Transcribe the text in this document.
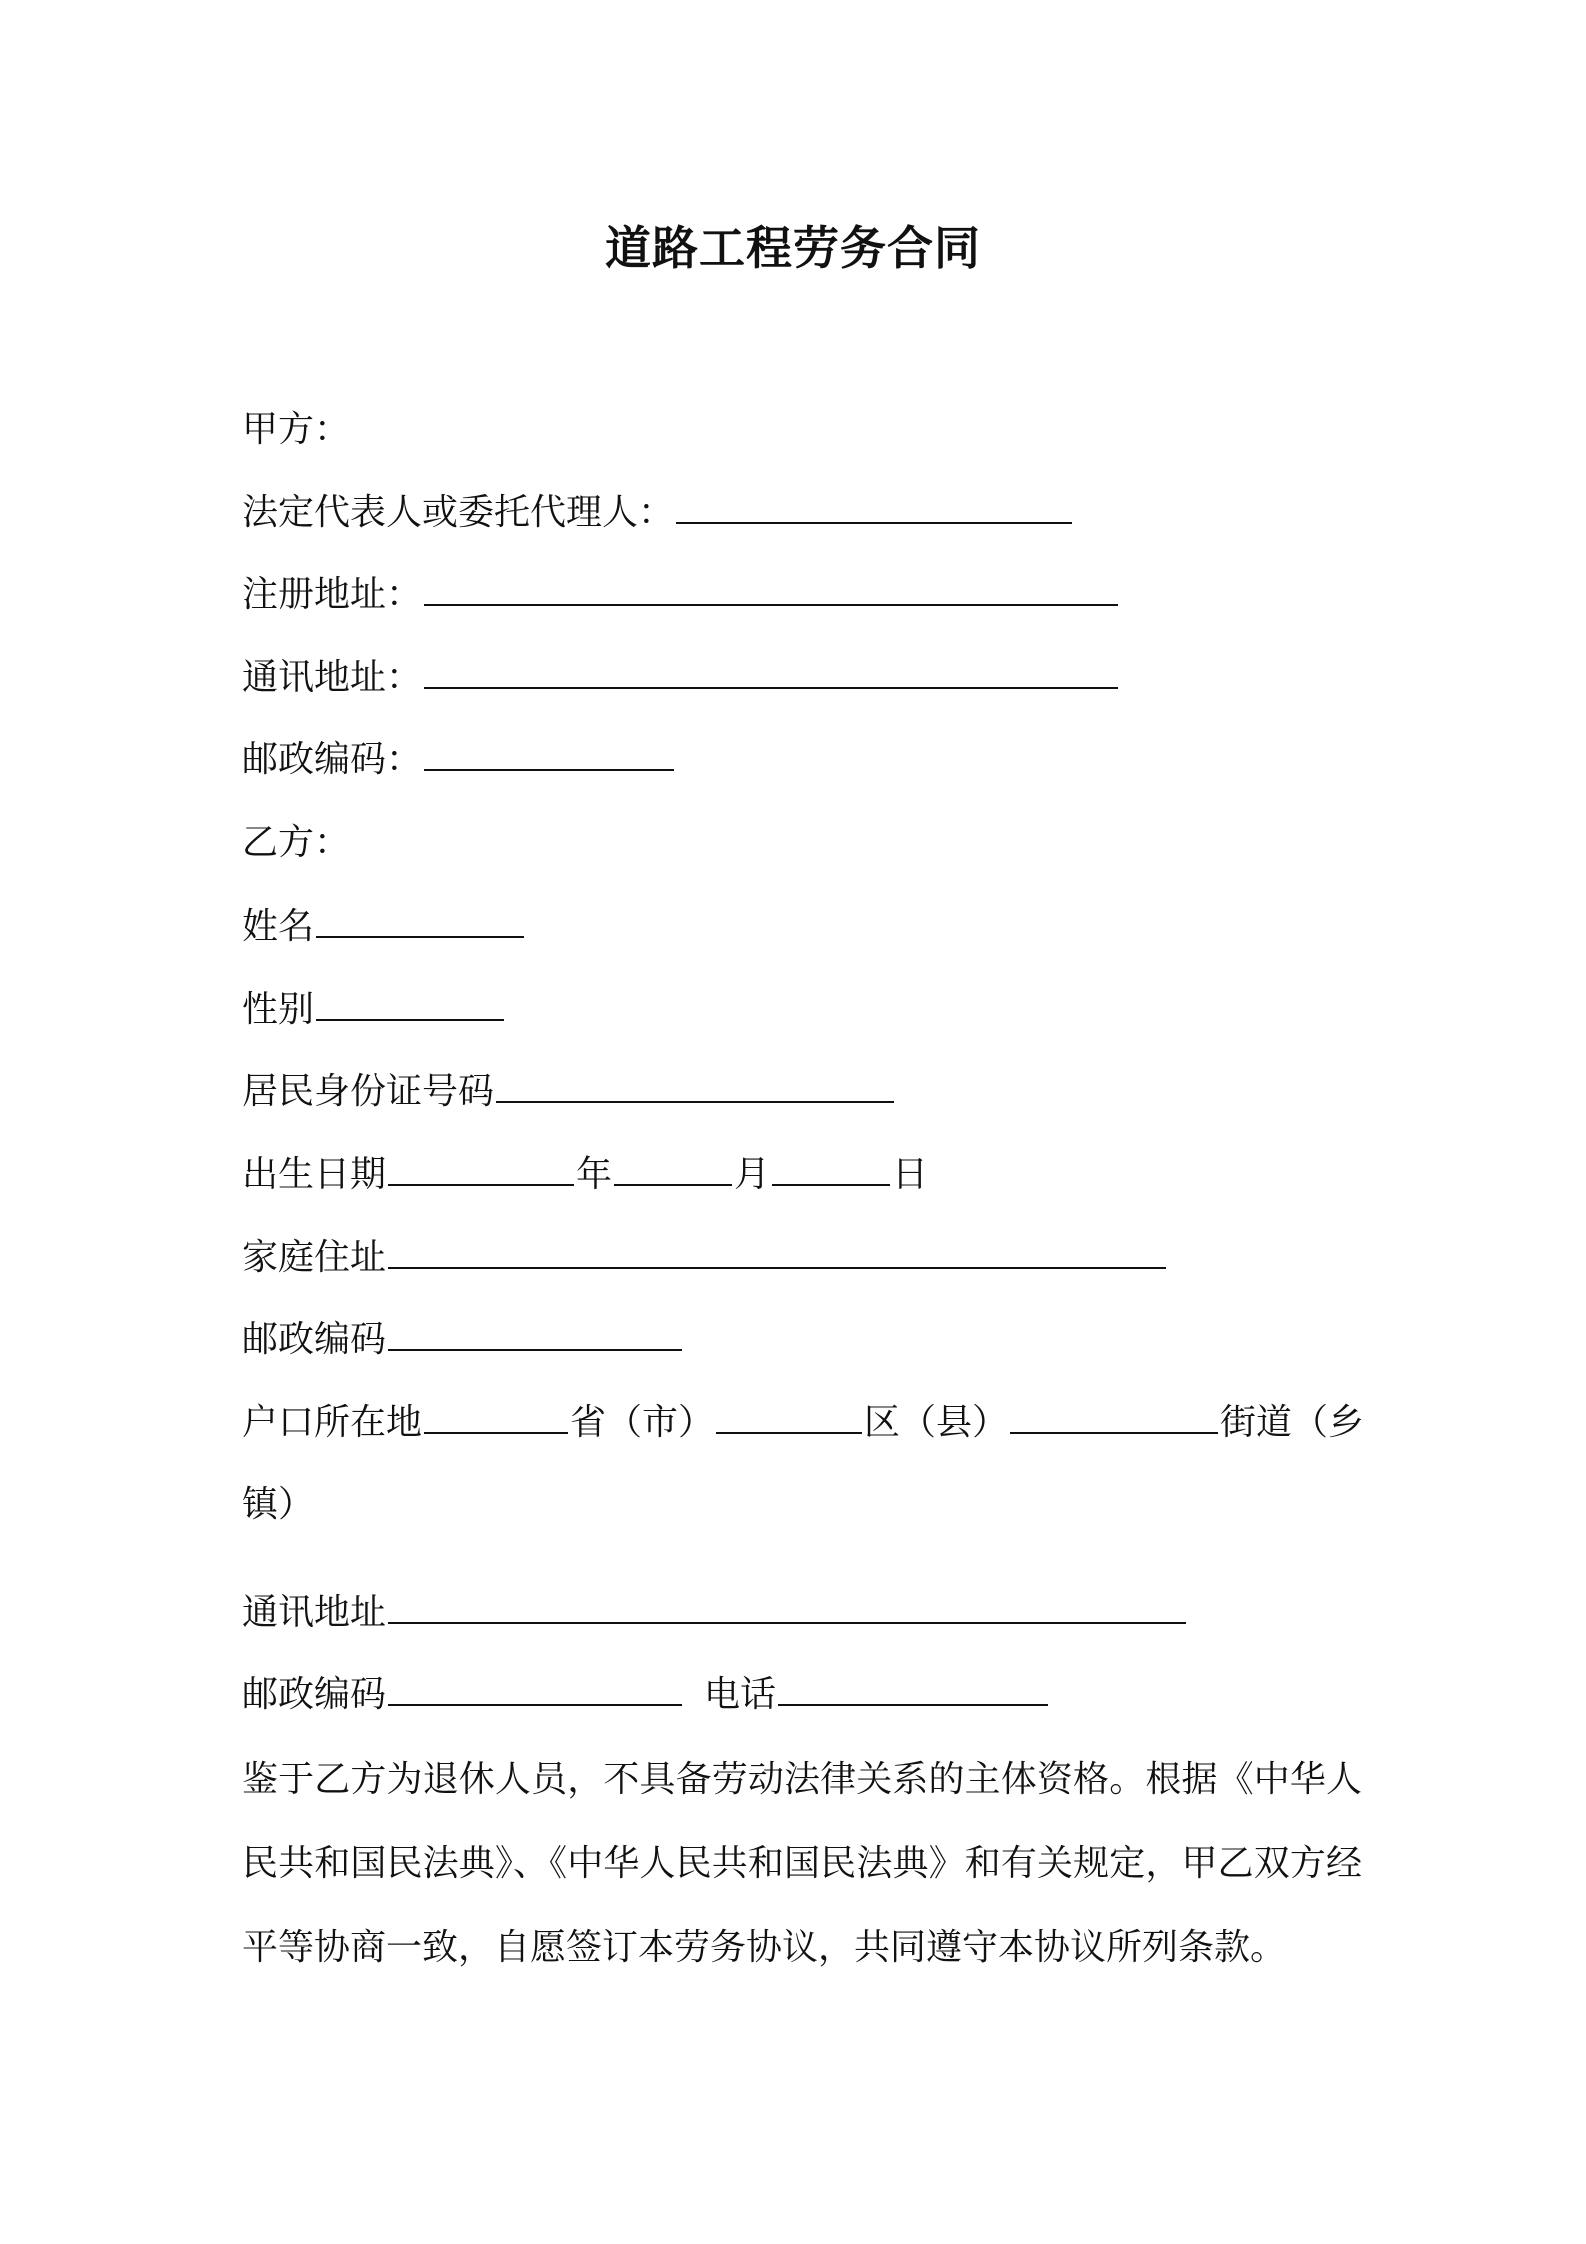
道路工程劳务合同
甲方：
法定代表人或委托代理人：
注册地址：
通讯地址：
邮政编码：
乙方：
姓名
性别
居民身份证号码
出生日期	年	月	日
家庭住址
邮政编码
户口所在地	省（市）	区（县）	街道（乡
镇）
通讯地址
邮政编码	电话
鉴于乙方为退休人员，不具备劳动法律关系的主体资格。根据《中华人民共和国民法典》、《中华人民共和国民法典》和有关规定，甲乙双方经平等协商一致，自愿签订本劳务协议，共同遵守本协议所列条款。
